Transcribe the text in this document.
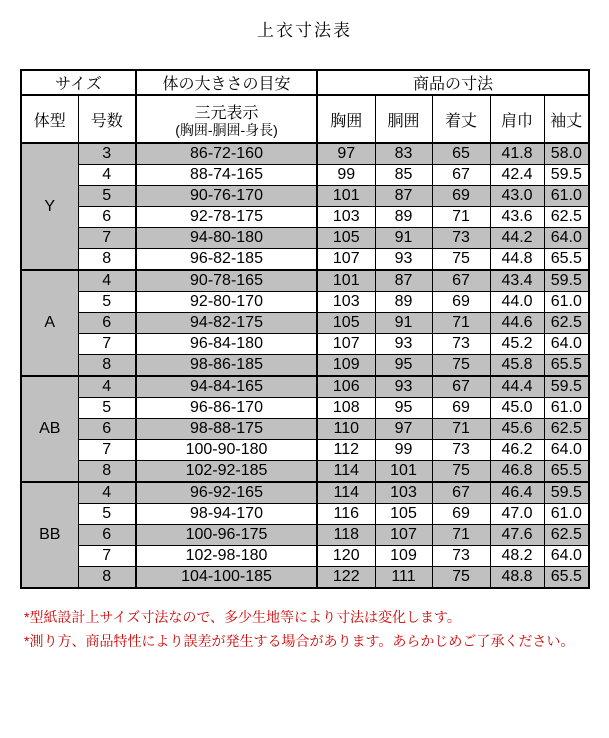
上衣寸法表
サイズ		体の大きさの目安	商品の寸法				
体型	号数	三元表示
(胸囲-胴囲-身長)	胸囲	胴囲	着丈	肩巾	袖丈
Y	3	86-72-160	97	83	65	41.8	58.0
	4	88-74-165	99	85	67	42.4	59.5
	5	90-76-170	101	87	69	43.0	61.0
	6	92-78-175	103	89	71	43.6	62.5
	7	94-80-180	105	91	73	44.2	64.0
	8	96-82-185	107	93	75	44.8	65.5
A	4	90-78-165	101	87	67	43.4	59.5
	5	92-80-170	103	89	69	44.0	61.0
	6	94-82-175	105	91	71	44.6	62.5
	7	96-84-180	107	93	73	45.2	64.0
	8	98-86-185	109	95	75	45.8	65.5
AB	4	94-84-165	106	93	67	44.4	59.5
	5	96-86-170	108	95	69	45.0	61.0
	6	98-88-175	110	97	71	45.6	62.5
	7	100-90-180	112	99	73	46.2	64.0
	8	102-92-185	114	101	75	46.8	65.5
BB	4	96-92-165	114	103	67	46.4	59.5
	5	98-94-170	116	105	69	47.0	61.0
	6	100-96-175	118	107	71	47.6	62.5
	7	102-98-180	120	109	73	48.2	64.0
	8	104-100-185	122	111	75	48.8	65.5

*型紙設計上サイズ寸法なので、多少生地等により寸法は変化します。

*測り方、商品特性により誤差が発生する場合があります。あらかじめご了承ください。
